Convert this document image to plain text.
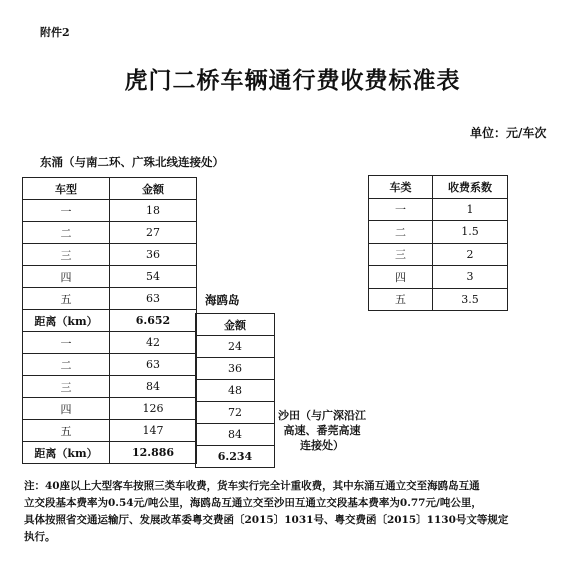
附件2
虎门二桥车辆通行费收费标准表
单位：元/车次
东涌（与南二环、广珠北线连接处）
海鸥岛
沙田（与广深沿江
高速、番莞高速
连接处）
车型	金额
一	18
二	27
三	36
四	54
五	63
距离（km）	6.652
一	42
二	63
三	84
四	126
五	147
距离（km）	12.886
金额
24
36
48
72
84
6.234
车类	收费系数
一	1
二	1.5
三	2
四	3
五	3.5
注：40座以上大型客车按照三类车收费，货车实行完全计重收费，其中东涌互通立交至海鸥岛互通
立交段基本费率为0.54元/吨公里，海鸥岛互通立交至沙田互通立交段基本费率为0.77元/吨公里，
具体按照省交通运输厅、发展改革委粤交费函〔2015〕1031号、粤交费函〔2015〕1130号文等规定
执行。
